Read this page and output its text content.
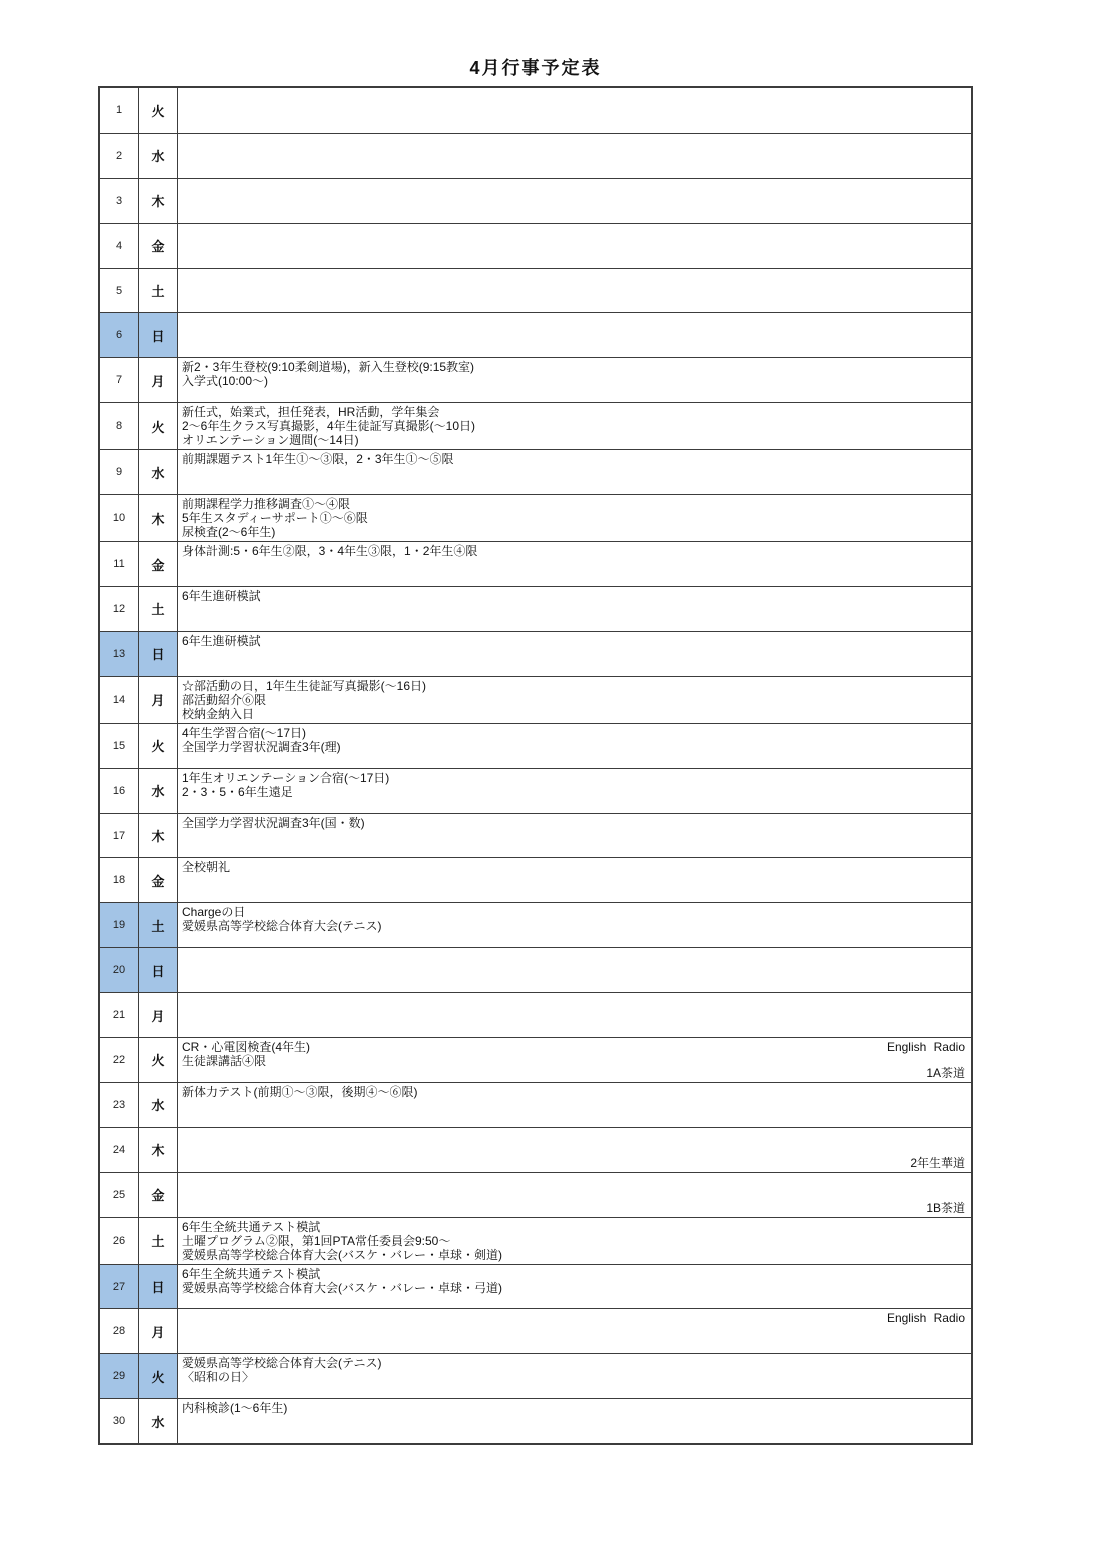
4月行事予定表
1 火
2 水
3 木
4 金
5 土
6 日
7 月
新2・3年生登校(9:10柔剣道場)，新入生登校(9:15教室)
入学式(10:00～)
8 火
新任式，始業式，担任発表，HR活動，学年集会
2～6年生クラス写真撮影，4年生徒証写真撮影(～10日)
オリエンテーション週間(～14日)
9 水
前期課題テスト1年生①～③限，2・3年生①～⑤限
10 木
前期課程学力推移調査①～④限
5年生スタディーサポート①～⑥限
尿検査(2～6年生)
11 金
身体計測:5・6年生②限，3・4年生③限，1・2年生④限
12 土
6年生進研模試
13 日
6年生進研模試
14 月
☆部活動の日，1年生生徒証写真撮影(～16日)
部活動紹介⑥限
校納金納入日
15 火
4年生学習合宿(～17日)
全国学力学習状況調査3年(理)
16 水
1年生オリエンテーション合宿(～17日)
2・3・5・6年生遠足
17 木
全国学力学習状況調査3年(国・数)
18 金
全校朝礼
19 土
Chargeの日
愛媛県高等学校総合体育大会(テニス)
20 日
21 月
22 火
CR・心電図検査(4年生)
生徒課講話④限
English Radio
1A茶道
23 水
新体力テスト(前期①～③限，後期④～⑥限)
24 木
2年生華道
25 金
1B茶道
26 土
6年生全統共通テスト模試
土曜プログラム②限，第1回PTA常任委員会9:50～
愛媛県高等学校総合体育大会(バスケ・バレー・卓球・剣道)
27 日
6年生全統共通テスト模試
愛媛県高等学校総合体育大会(バスケ・バレー・卓球・弓道)
28 月
English Radio
29 火
愛媛県高等学校総合体育大会(テニス)
〈昭和の日〉
30 水
内科検診(1～6年生)
